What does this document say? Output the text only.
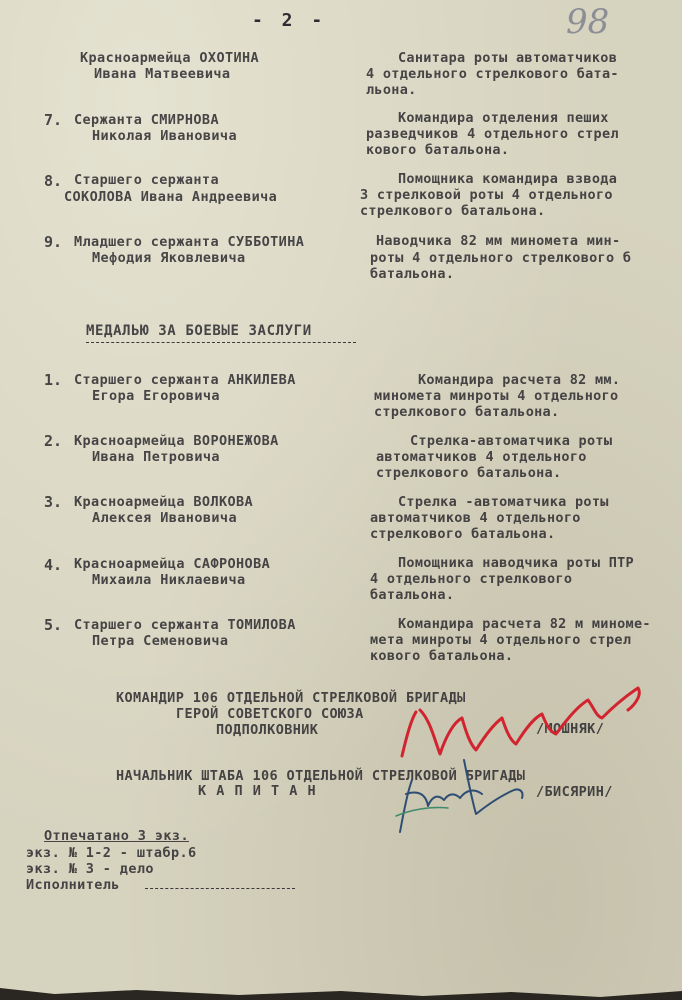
- 2 -	98
Красноармейца ОХОТИНА
Ивана Матвеевича
Санитара роты автоматчиков
4 отдельного стрелкового бата-
льона.
7. Сержанта СМИРНОВА
Николая Ивановича
Командира отделения пеших
разведчиков 4 отдельного стрел
кового батальона.
8. Старшего сержанта
СОКОЛОВА Ивана Андреевича
Помощника командира взвода
3 стрелковой роты 4 отдельного
стрелкового батальона.
9. Младшего сержанта СУББОТИНА
Мефодия Яковлевича
Наводчика 82 мм миномета мин-
роты 4 отдельного стрелкового б
батальона.
МЕДАЛЬЮ ЗА БОЕВЫЕ ЗАСЛУГИ
1. Старшего сержанта АНКИЛЕВА
Егора Егоровича
Командира расчета 82 мм.
миномета минроты 4 отдельного
стрелкового батальона.
2. Красноармейца ВОРОНЕЖОВА
Ивана Петровича
Стрелка-автоматчика роты
автоматчиков 4 отдельного
стрелкового батальона.
3. Красноармейца ВОЛКОВА
Алексея Ивановича
Стрелка -автоматчика роты
автоматчиков 4 отдельного
стрелкового батальона.
4. Красноармейца САФРОНОВА
Михаила Никлаевича
Помощника наводчика роты ПТР
4 отдельного стрелкового
батальона.
5. Старшего сержанта ТОМИЛОВА
Петра Семеновича
Командира расчета 82 м миноме-
мета минроты 4 отдельного стрел
кового батальона.
КОМАНДИР 106 ОТДЕЛЬНОЙ СТРЕЛКОВОЙ БРИГАДЫ
ГЕРОЙ СОВЕТСКОГО СОЮЗА
ПОДПОЛКОВНИК	/МОШНЯК/
НАЧАЛЬНИК ШТАБА 106 ОТДЕЛЬНОЙ СТРЕЛКОВОЙ БРИГАДЫ
К А П И Т А Н	/БИСЯРИН/
Отпечатано 3 экз.
экз. № 1-2 - штабр.6
экз. № 3 - дело
Исполнитель
